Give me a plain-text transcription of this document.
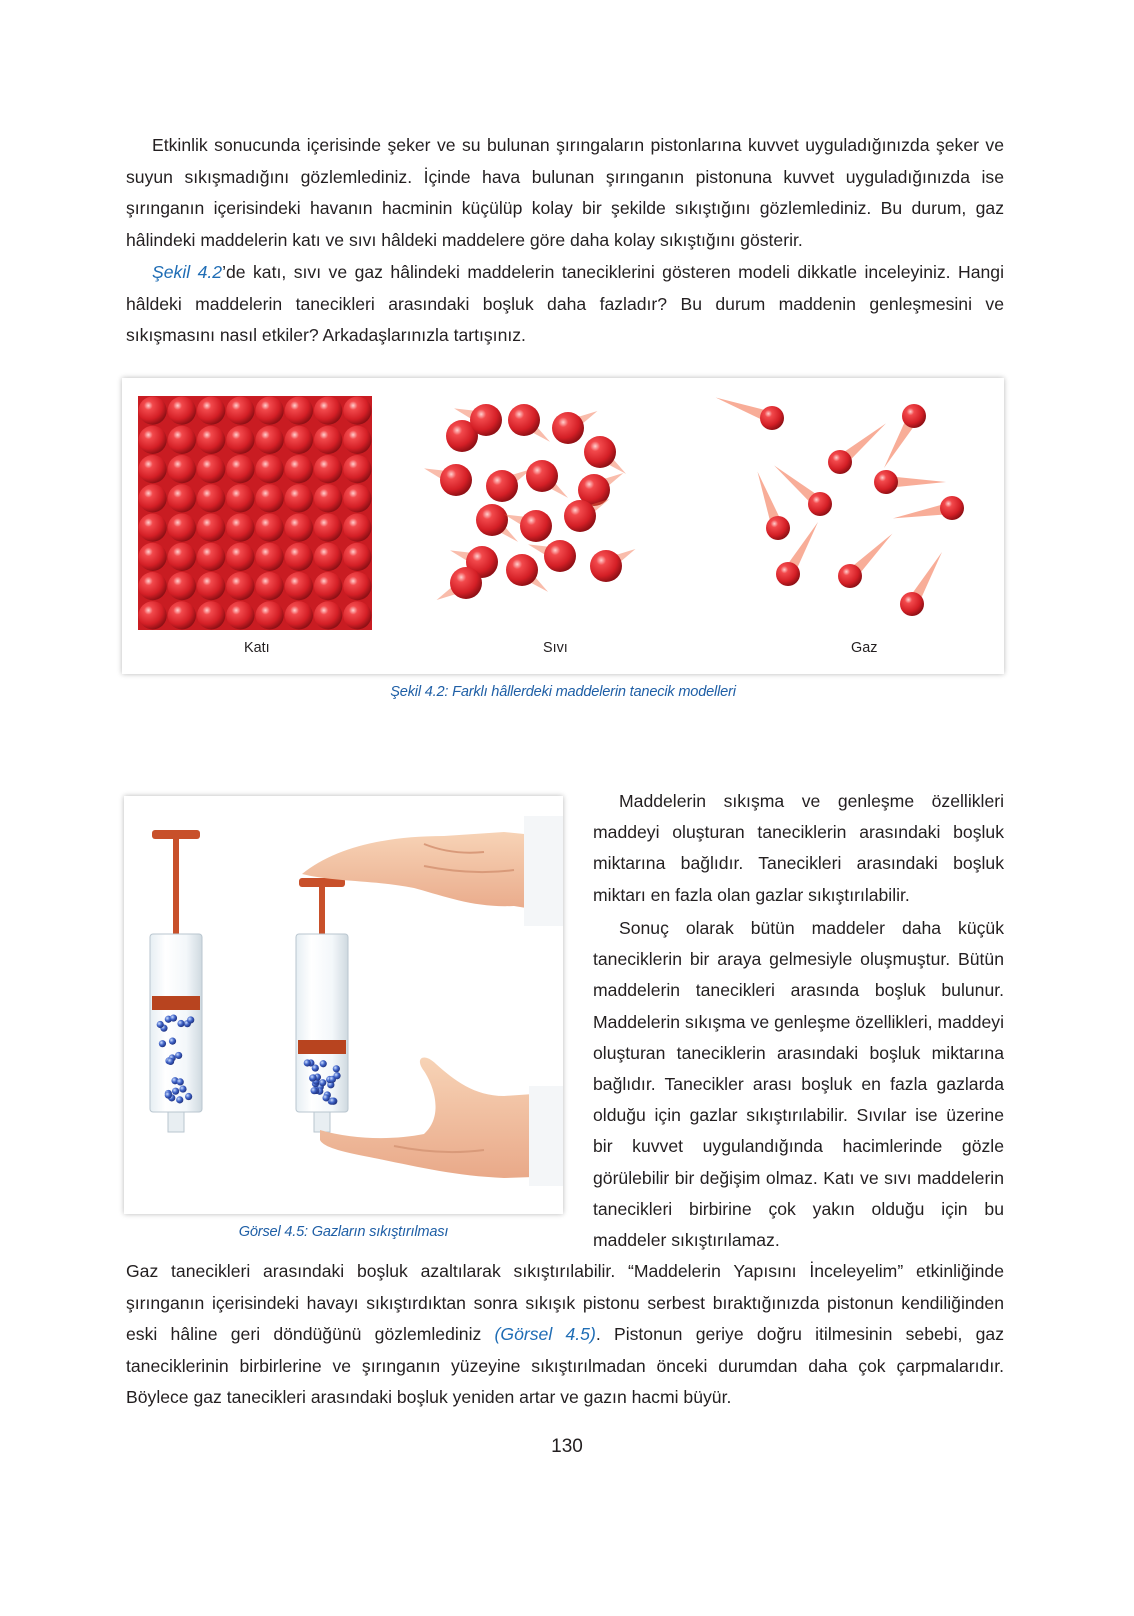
Etkinlik sonucunda içerisinde şeker ve su bulunan şırıngaların pistonlarına kuvvet uyguladığınızda şeker ve suyun sıkışmadığını gözlemlediniz. İçinde hava bulunan şırınganın pistonuna kuvvet uyguladığınızda ise şırınganın içerisindeki havanın hacminin küçülüp kolay bir şekilde sıkıştığını gözlemlediniz. Bu durum, gaz hâlindeki maddelerin katı ve sıvı hâldeki maddelere göre daha kolay sıkıştığını gösterir.

Şekil 4.2’de katı, sıvı ve gaz hâlindeki maddelerin taneciklerini gösteren modeli dikkatle inceleyiniz. Hangi hâldeki maddelerin tanecikleri arasındaki boşluk daha fazladır? Bu durum maddenin genleşmesini ve sıkışmasını nasıl etkiler? Arkadaşlarınızla tartışınız.

Katı	Sıvı	Gaz
Şekil 4.2: Farklı hâllerdeki maddelerin tanecik modelleri
Görsel 4.5: Gazların sıkıştırılması

Maddelerin sıkışma ve genleşme özellikleri maddeyi oluşturan taneciklerin arasındaki boşluk miktarına bağlıdır. Tanecikleri arasındaki boşluk miktarı en fazla olan gazlar sıkıştırılabilir.

Sonuç olarak bütün maddeler daha küçük taneciklerin bir araya gelmesiyle oluşmuştur. Bütün maddelerin tanecikleri arasında boşluk bulunur. Maddelerin sıkışma ve genleşme özellikleri, maddeyi oluşturan taneciklerin arasındaki boşluk miktarına bağlıdır. Tanecikler arası boşluk en fazla gazlarda olduğu için gazlar sıkıştırılabilir. Sıvılar ise üzerine bir kuvvet uygulandığında hacimlerinde gözle görülebilir bir değişim olmaz. Katı ve sıvı maddelerin tanecikleri birbirine çok yakın olduğu için bu maddeler sıkıştırılamaz.

Gaz tanecikleri arasındaki boşluk azaltılarak sıkıştırılabilir. “Maddelerin Yapısını İnceleyelim” etkinliğinde şırınganın içerisindeki havayı sıkıştırdıktan sonra sıkışık pistonu serbest bıraktığınızda pistonun kendiliğinden eski hâline geri döndüğünü gözlemlediniz (Görsel 4.5). Pistonun geriye doğru itilmesinin sebebi, gaz taneciklerinin birbirlerine ve şırınganın yüzeyine sıkıştırılmadan önceki durumdan daha çok çarpmalarıdır. Böylece gaz tanecikleri arasındaki boşluk yeniden artar ve gazın hacmi büyür.

130
